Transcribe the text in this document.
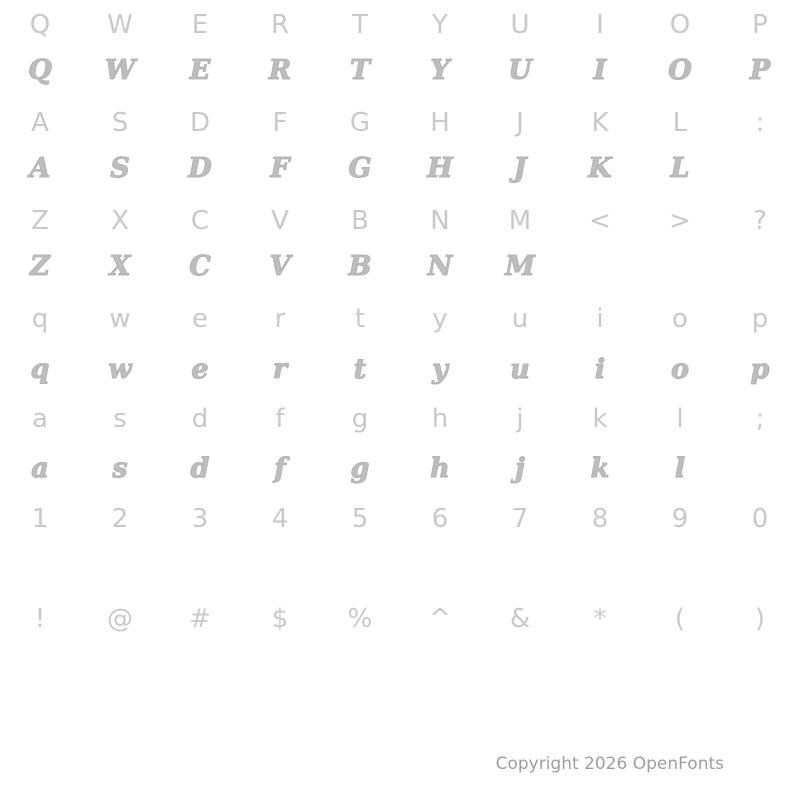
Q	W	E	R	T	Y	U	I	O	P
Q	W	E	R	T	Y	U	I	O	P
A	S	D	F	G	H	J	K	L	:
A	S	D	F	G	H	J	K	L
Z	X	C	V	B	N	M	<	>	?
Z	X	C	V	B	N	M
q	w	e	r	t	y	u	i	o	p
q	w	e	r	t	y	u	i	o	p
a	s	d	f	g	h	j	k	l	;
a	s	d	f	g	h	j	k	l
1	2	3	4	5	6	7	8	9	0
!	@	#	$	%	^	&	*	(	)
Copyright 2026 OpenFonts
